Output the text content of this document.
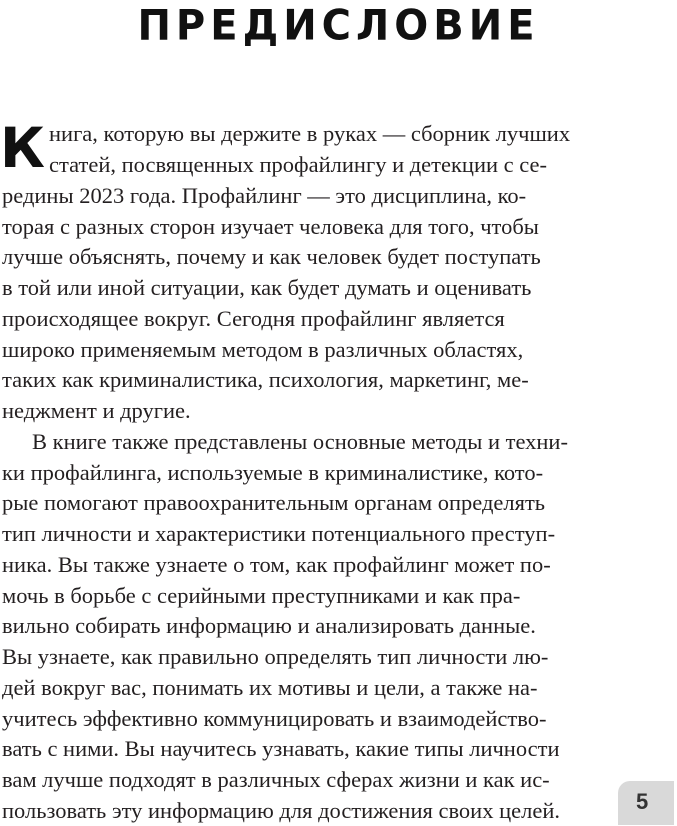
ПРЕДИСЛОВИЕ
К нига, которую вы держите в руках — сборник лучших
статей, посвященных профайлингу и детекции с се-
редины 2023 года. Профайлинг — это дисциплина, ко-
торая с разных сторон изучает человека для того, чтобы
лучше объяснять, почему и как человек будет поступать
в той или иной ситуации, как будет думать и оценивать
происходящее вокруг. Сегодня профайлинг является
широко применяемым методом в различных областях,
таких как криминалистика, психология, маркетинг, ме-
неджмент и другие.
В книге также представлены основные методы и техни-
ки профайлинга, используемые в криминалистике, кото-
рые помогают правоохранительным органам определять
тип личности и характеристики потенциального преступ-
ника. Вы также узнаете о том, как профайлинг может по-
мочь в борьбе с серийными преступниками и как пра-
вильно собирать информацию и анализировать данные.
Вы узнаете, как правильно определять тип личности лю-
дей вокруг вас, понимать их мотивы и цели, а также на-
учитесь эффективно коммуницировать и взаимодейство-
вать с ними. Вы научитесь узнавать, какие типы личности
вам лучше подходят в различных сферах жизни и как ис-
пользовать эту информацию для достижения своих целей.	5
